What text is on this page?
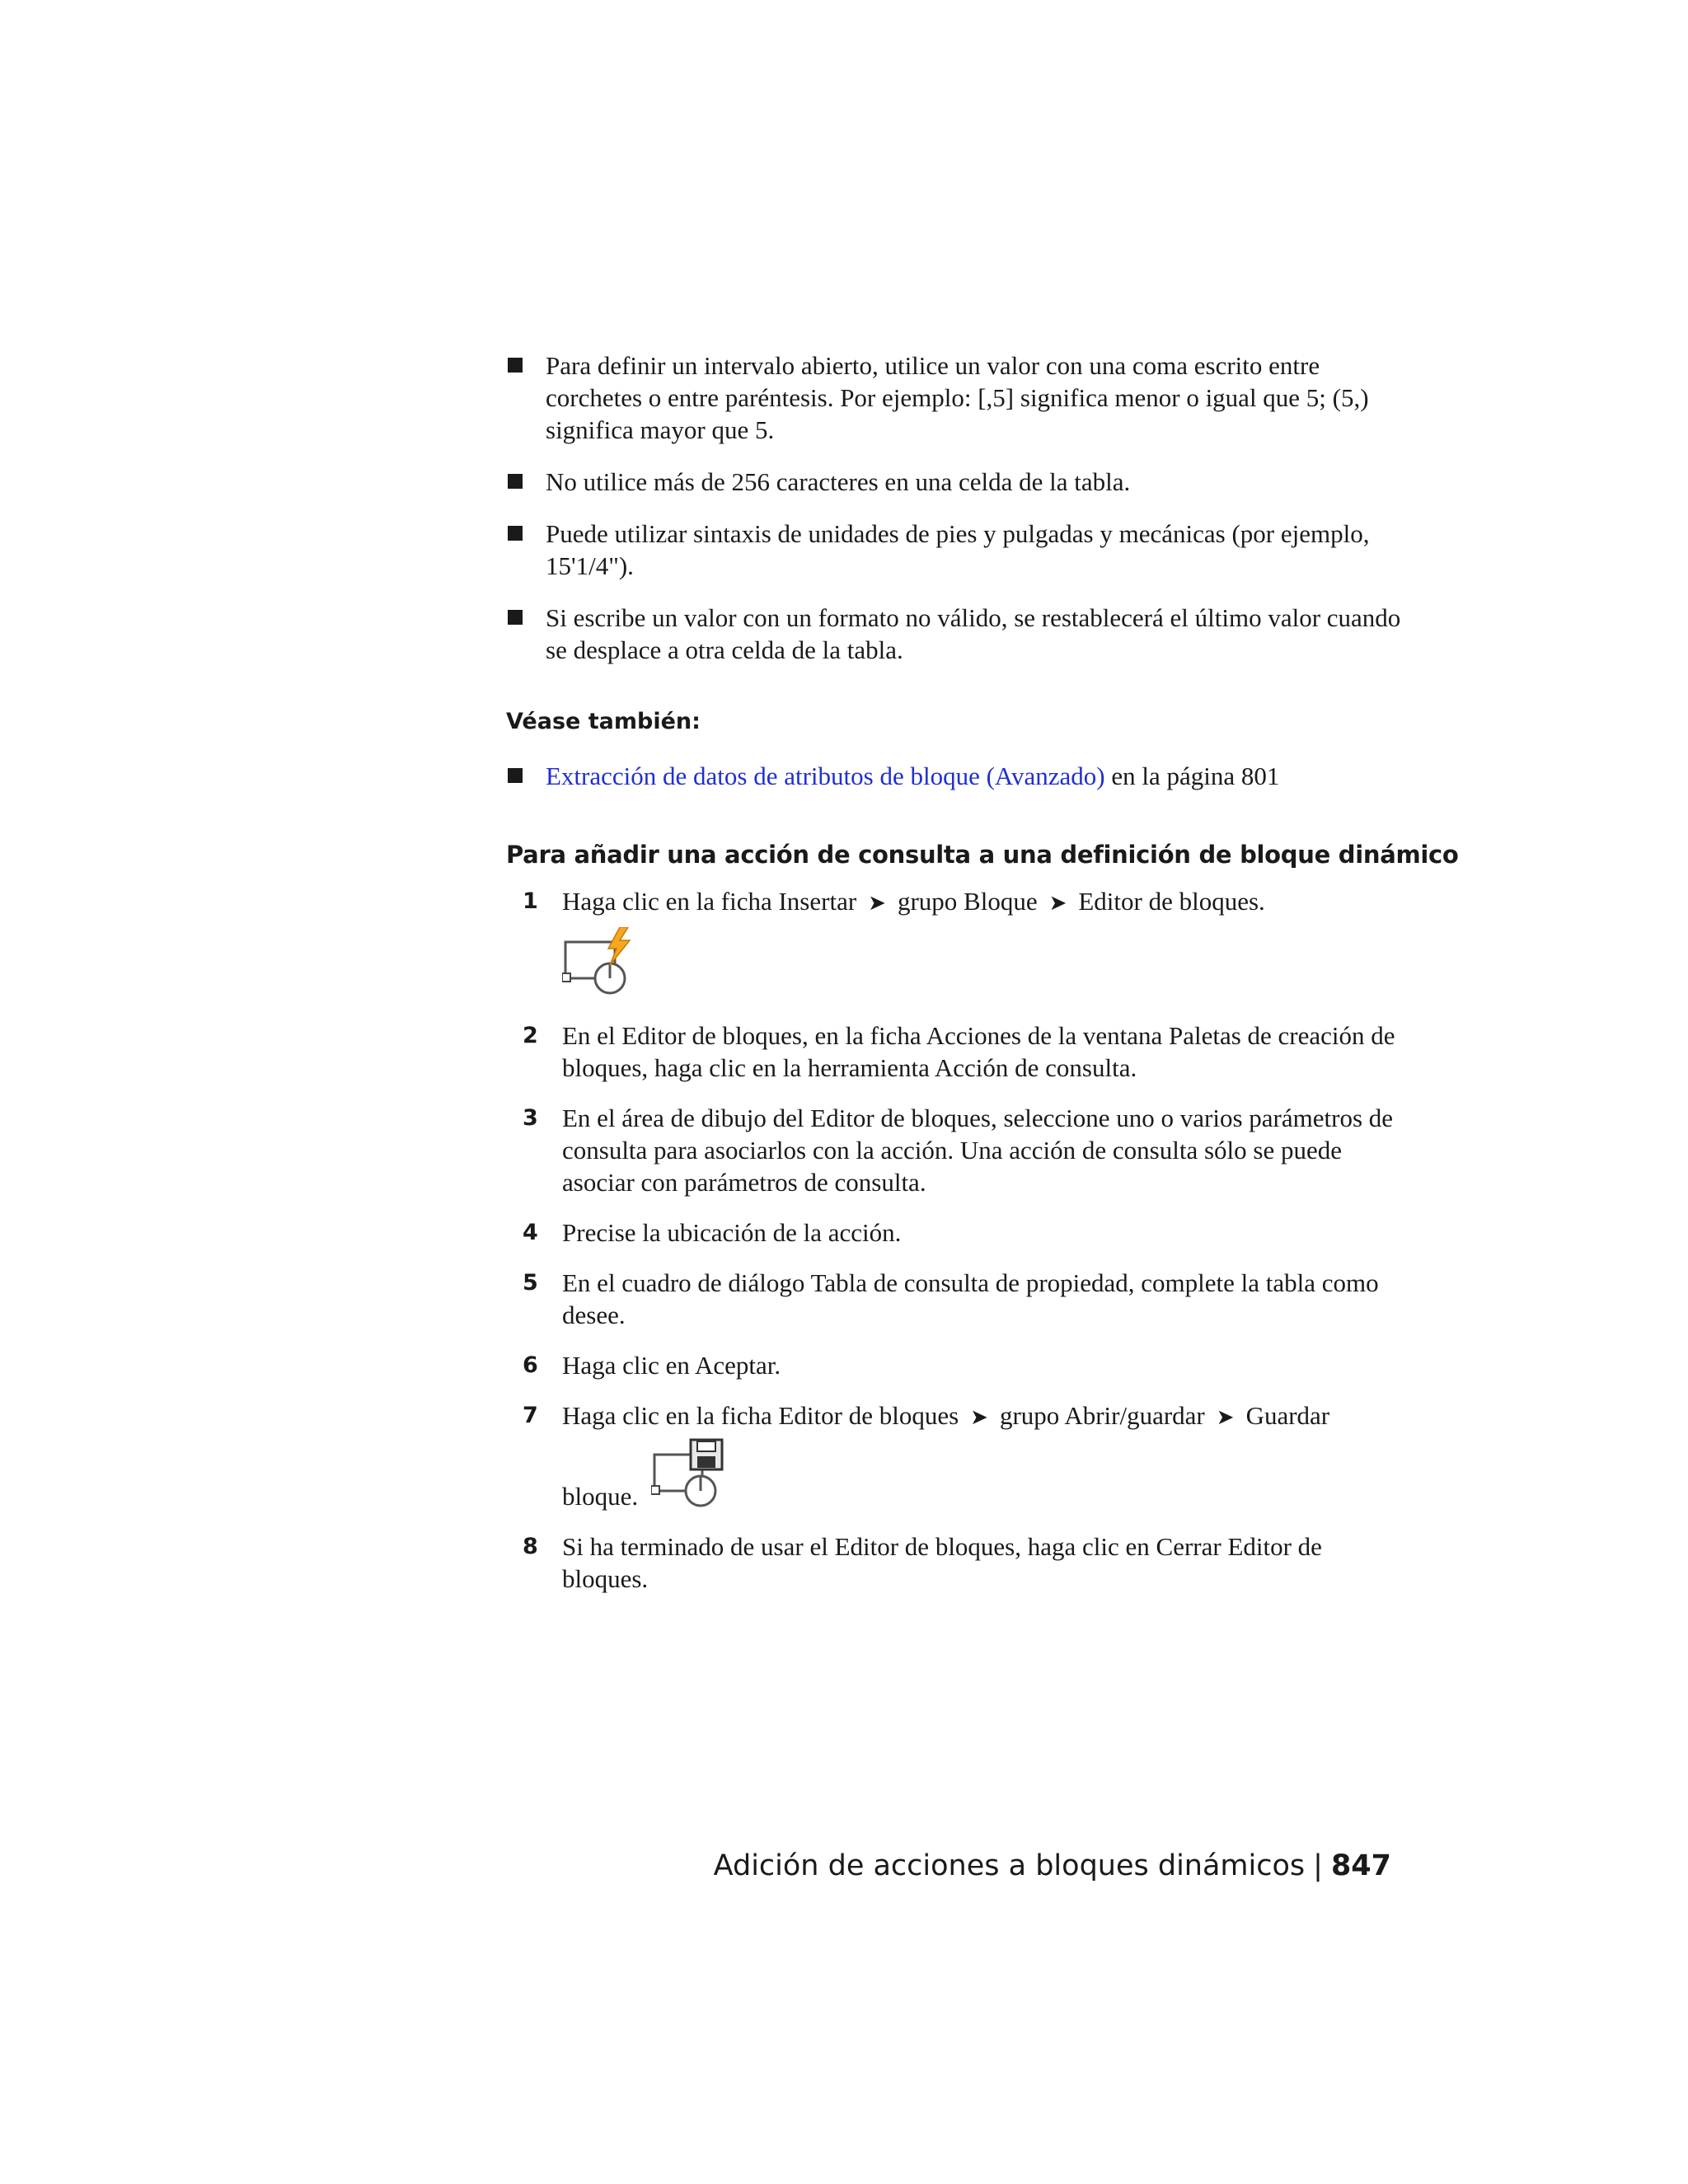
Para definir un intervalo abierto, utilice un valor con una coma escrito entre corchetes o entre paréntesis. Por ejemplo: [,5] significa menor o igual que 5; (5,) significa mayor que 5.
No utilice más de 256 caracteres en una celda de la tabla.
Puede utilizar sintaxis de unidades de pies y pulgadas y mecánicas (por ejemplo, 15'1/4").
Si escribe un valor con un formato no válido, se restablecerá el último valor cuando se desplace a otra celda de la tabla.
Véase también:
Extracción de datos de atributos de bloque (Avanzado) en la página 801
Para añadir una acción de consulta a una definición de bloque dinámico
1 Haga clic en la ficha Insertar ➤ grupo Bloque ➤ Editor de bloques.
2 En el Editor de bloques, en la ficha Acciones de la ventana Paletas de creación de bloques, haga clic en la herramienta Acción de consulta.
3 En el área de dibujo del Editor de bloques, seleccione uno o varios parámetros de consulta para asociarlos con la acción. Una acción de consulta sólo se puede asociar con parámetros de consulta.
4 Precise la ubicación de la acción.
5 En el cuadro de diálogo Tabla de consulta de propiedad, complete la tabla como desee.
6 Haga clic en Aceptar.
7 Haga clic en la ficha Editor de bloques ➤ grupo Abrir/guardar ➤ Guardar
bloque.
8 Si ha terminado de usar el Editor de bloques, haga clic en Cerrar Editor de bloques.
Adición de acciones a bloques dinámicos | 847
